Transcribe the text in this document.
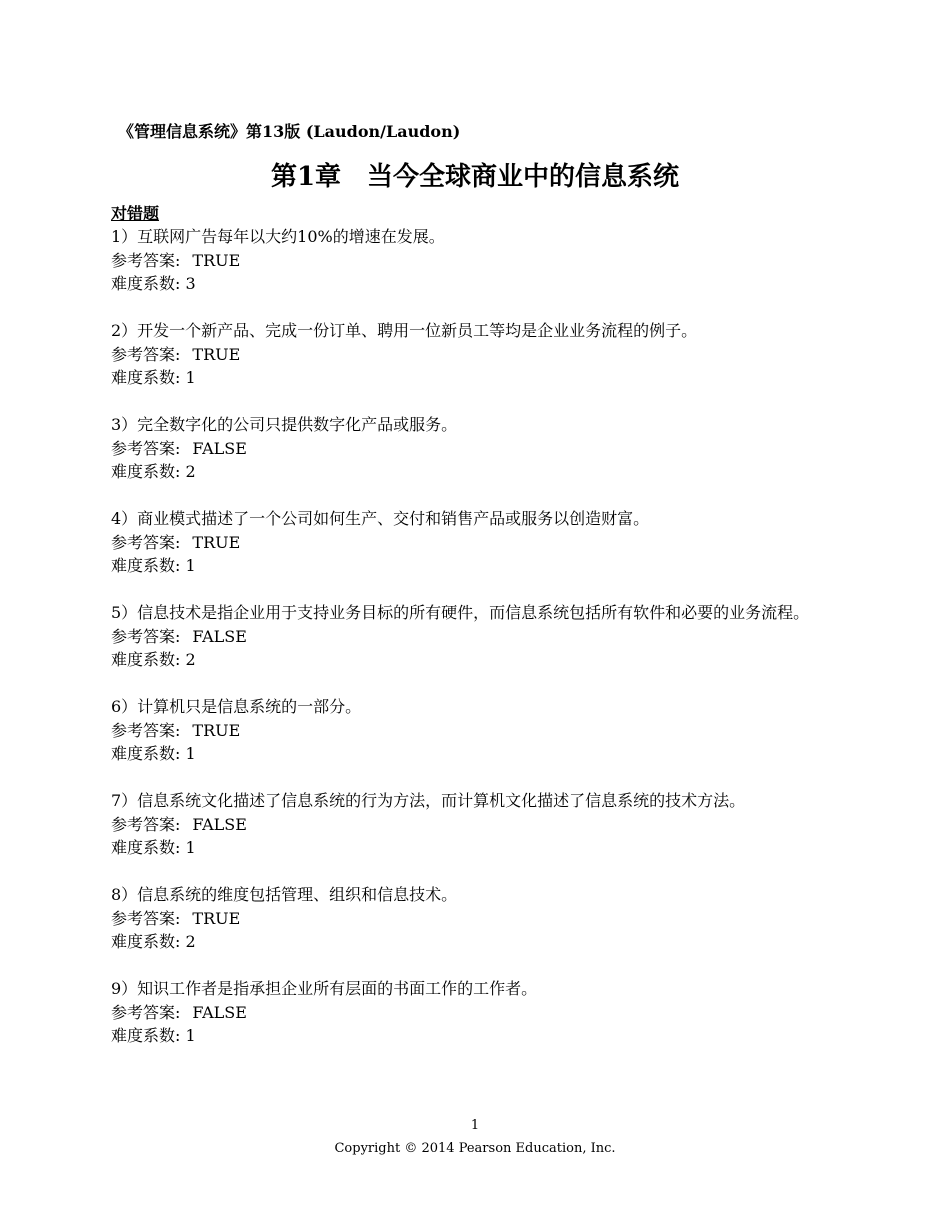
《管理信息系统》第13版 (Laudon/Laudon)
第1章　当今全球商业中的信息系统
对错题
1）互联网广告每年以大约10%的增速在发展。
参考答案: TRUE
难度系数: 3
2）开发一个新产品、完成一份订单、聘用一位新员工等均是企业业务流程的例子。
参考答案: TRUE
难度系数: 1
3）完全数字化的公司只提供数字化产品或服务。
参考答案: FALSE
难度系数: 2
4）商业模式描述了一个公司如何生产、交付和销售产品或服务以创造财富。
参考答案: TRUE
难度系数: 1
5）信息技术是指企业用于支持业务目标的所有硬件，而信息系统包括所有软件和必要的业务流程。
参考答案: FALSE
难度系数: 2
6）计算机只是信息系统的一部分。
参考答案: TRUE
难度系数: 1
7）信息系统文化描述了信息系统的行为方法，而计算机文化描述了信息系统的技术方法。
参考答案: FALSE
难度系数: 1
8）信息系统的维度包括管理、组织和信息技术。
参考答案: TRUE
难度系数: 2
9）知识工作者是指承担企业所有层面的书面工作的工作者。
参考答案: FALSE
难度系数: 1
1
Copyright © 2014 Pearson Education, Inc.
